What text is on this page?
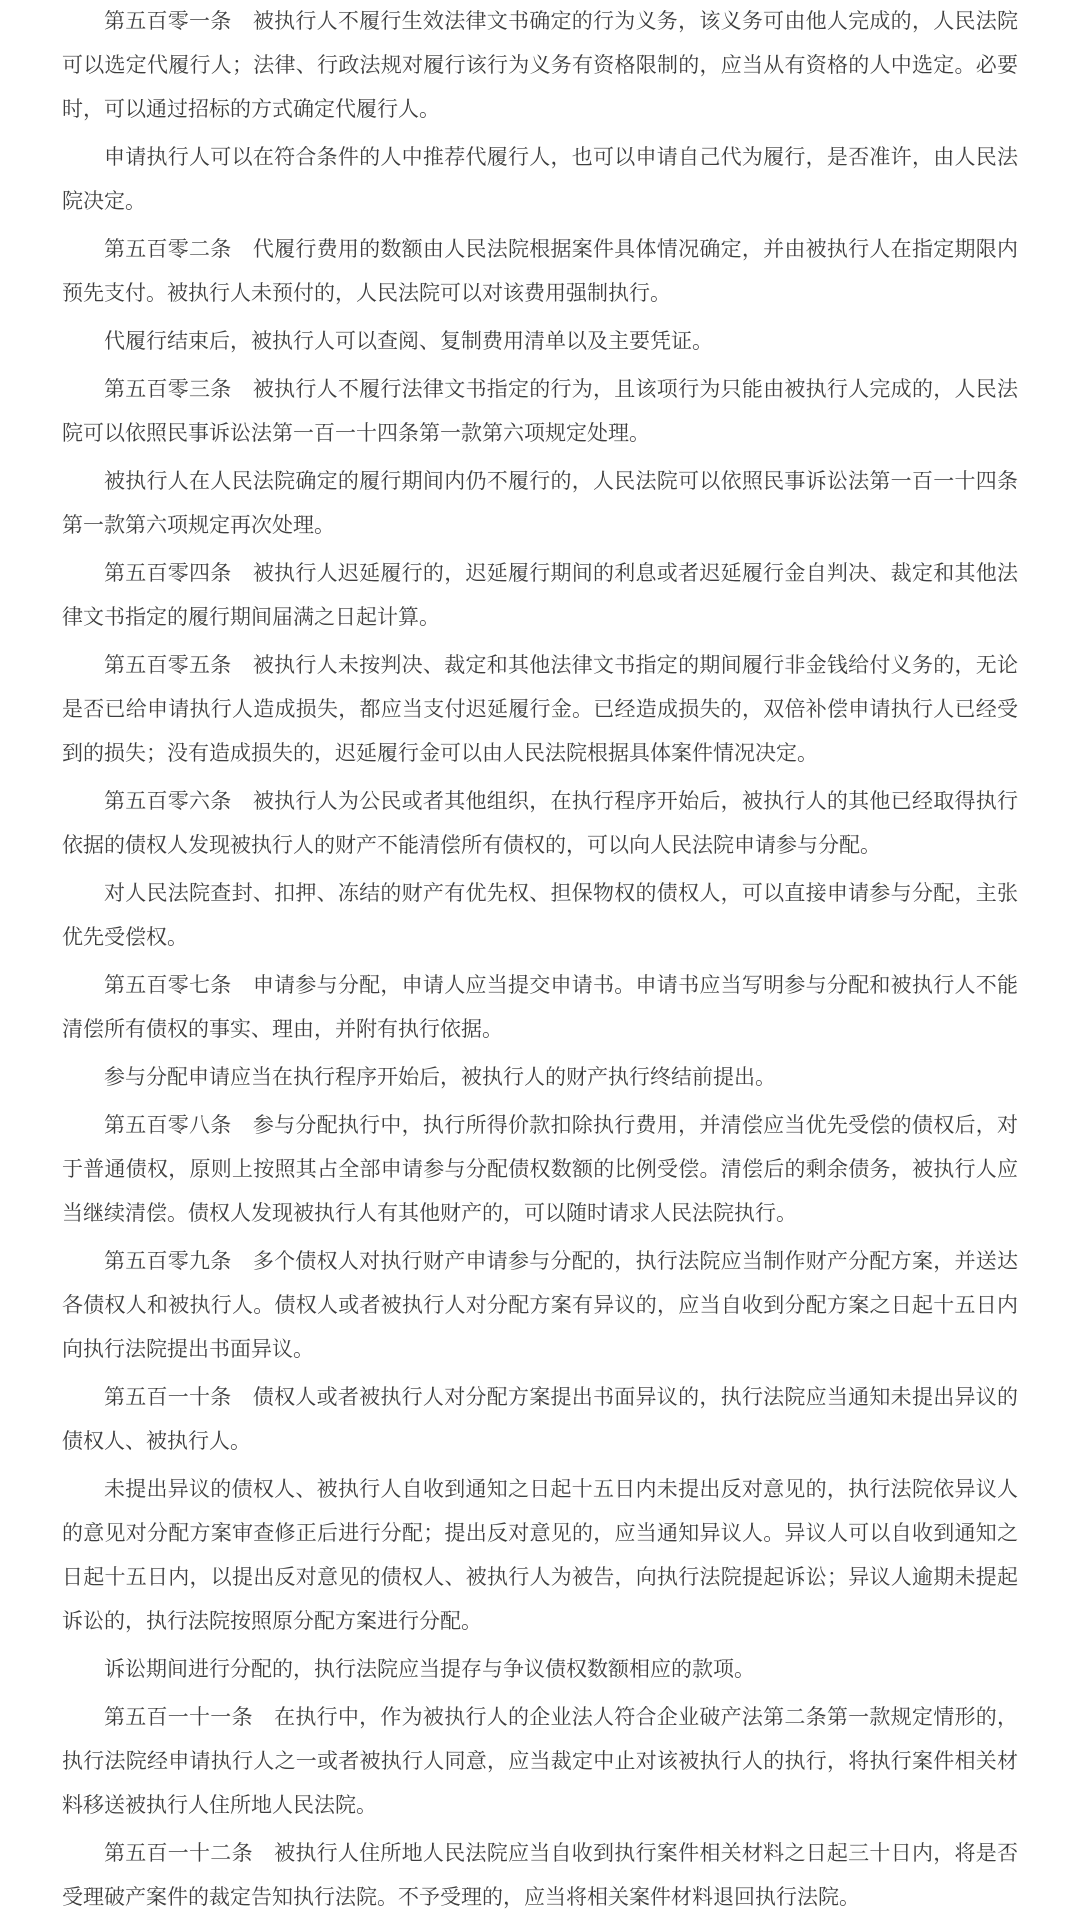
第五百零一条　被执行人不履行生效法律文书确定的行为义务，该义务可由他人完成的，人民法院可以选定代履行人；法律、行政法规对履行该行为义务有资格限制的，应当从有资格的人中选定。必要时，可以通过招标的方式确定代履行人。

申请执行人可以在符合条件的人中推荐代履行人，也可以申请自己代为履行，是否准许，由人民法院决定。

第五百零二条　代履行费用的数额由人民法院根据案件具体情况确定，并由被执行人在指定期限内预先支付。被执行人未预付的，人民法院可以对该费用强制执行。

代履行结束后，被执行人可以查阅、复制费用清单以及主要凭证。

第五百零三条　被执行人不履行法律文书指定的行为，且该项行为只能由被执行人完成的，人民法院可以依照民事诉讼法第一百一十四条第一款第六项规定处理。

被执行人在人民法院确定的履行期间内仍不履行的，人民法院可以依照民事诉讼法第一百一十四条第一款第六项规定再次处理。

第五百零四条　被执行人迟延履行的，迟延履行期间的利息或者迟延履行金自判决、裁定和其他法律文书指定的履行期间届满之日起计算。

第五百零五条　被执行人未按判决、裁定和其他法律文书指定的期间履行非金钱给付义务的，无论是否已给申请执行人造成损失，都应当支付迟延履行金。已经造成损失的，双倍补偿申请执行人已经受到的损失；没有造成损失的，迟延履行金可以由人民法院根据具体案件情况决定。

第五百零六条　被执行人为公民或者其他组织，在执行程序开始后，被执行人的其他已经取得执行依据的债权人发现被执行人的财产不能清偿所有债权的，可以向人民法院申请参与分配。

对人民法院查封、扣押、冻结的财产有优先权、担保物权的债权人，可以直接申请参与分配，主张优先受偿权。

第五百零七条　申请参与分配，申请人应当提交申请书。申请书应当写明参与分配和被执行人不能清偿所有债权的事实、理由，并附有执行依据。

参与分配申请应当在执行程序开始后，被执行人的财产执行终结前提出。

第五百零八条　参与分配执行中，执行所得价款扣除执行费用，并清偿应当优先受偿的债权后，对于普通债权，原则上按照其占全部申请参与分配债权数额的比例受偿。清偿后的剩余债务，被执行人应当继续清偿。债权人发现被执行人有其他财产的，可以随时请求人民法院执行。

第五百零九条　多个债权人对执行财产申请参与分配的，执行法院应当制作财产分配方案，并送达各债权人和被执行人。债权人或者被执行人对分配方案有异议的，应当自收到分配方案之日起十五日内向执行法院提出书面异议。

第五百一十条　债权人或者被执行人对分配方案提出书面异议的，执行法院应当通知未提出异议的债权人、被执行人。

未提出异议的债权人、被执行人自收到通知之日起十五日内未提出反对意见的，执行法院依异议人的意见对分配方案审查修正后进行分配；提出反对意见的，应当通知异议人。异议人可以自收到通知之日起十五日内，以提出反对意见的债权人、被执行人为被告，向执行法院提起诉讼；异议人逾期未提起诉讼的，执行法院按照原分配方案进行分配。

诉讼期间进行分配的，执行法院应当提存与争议债权数额相应的款项。

第五百一十一条　在执行中，作为被执行人的企业法人符合企业破产法第二条第一款规定情形的，执行法院经申请执行人之一或者被执行人同意，应当裁定中止对该被执行人的执行，将执行案件相关材料移送被执行人住所地人民法院。

第五百一十二条　被执行人住所地人民法院应当自收到执行案件相关材料之日起三十日内，将是否受理破产案件的裁定告知执行法院。不予受理的，应当将相关案件材料退回执行法院。
